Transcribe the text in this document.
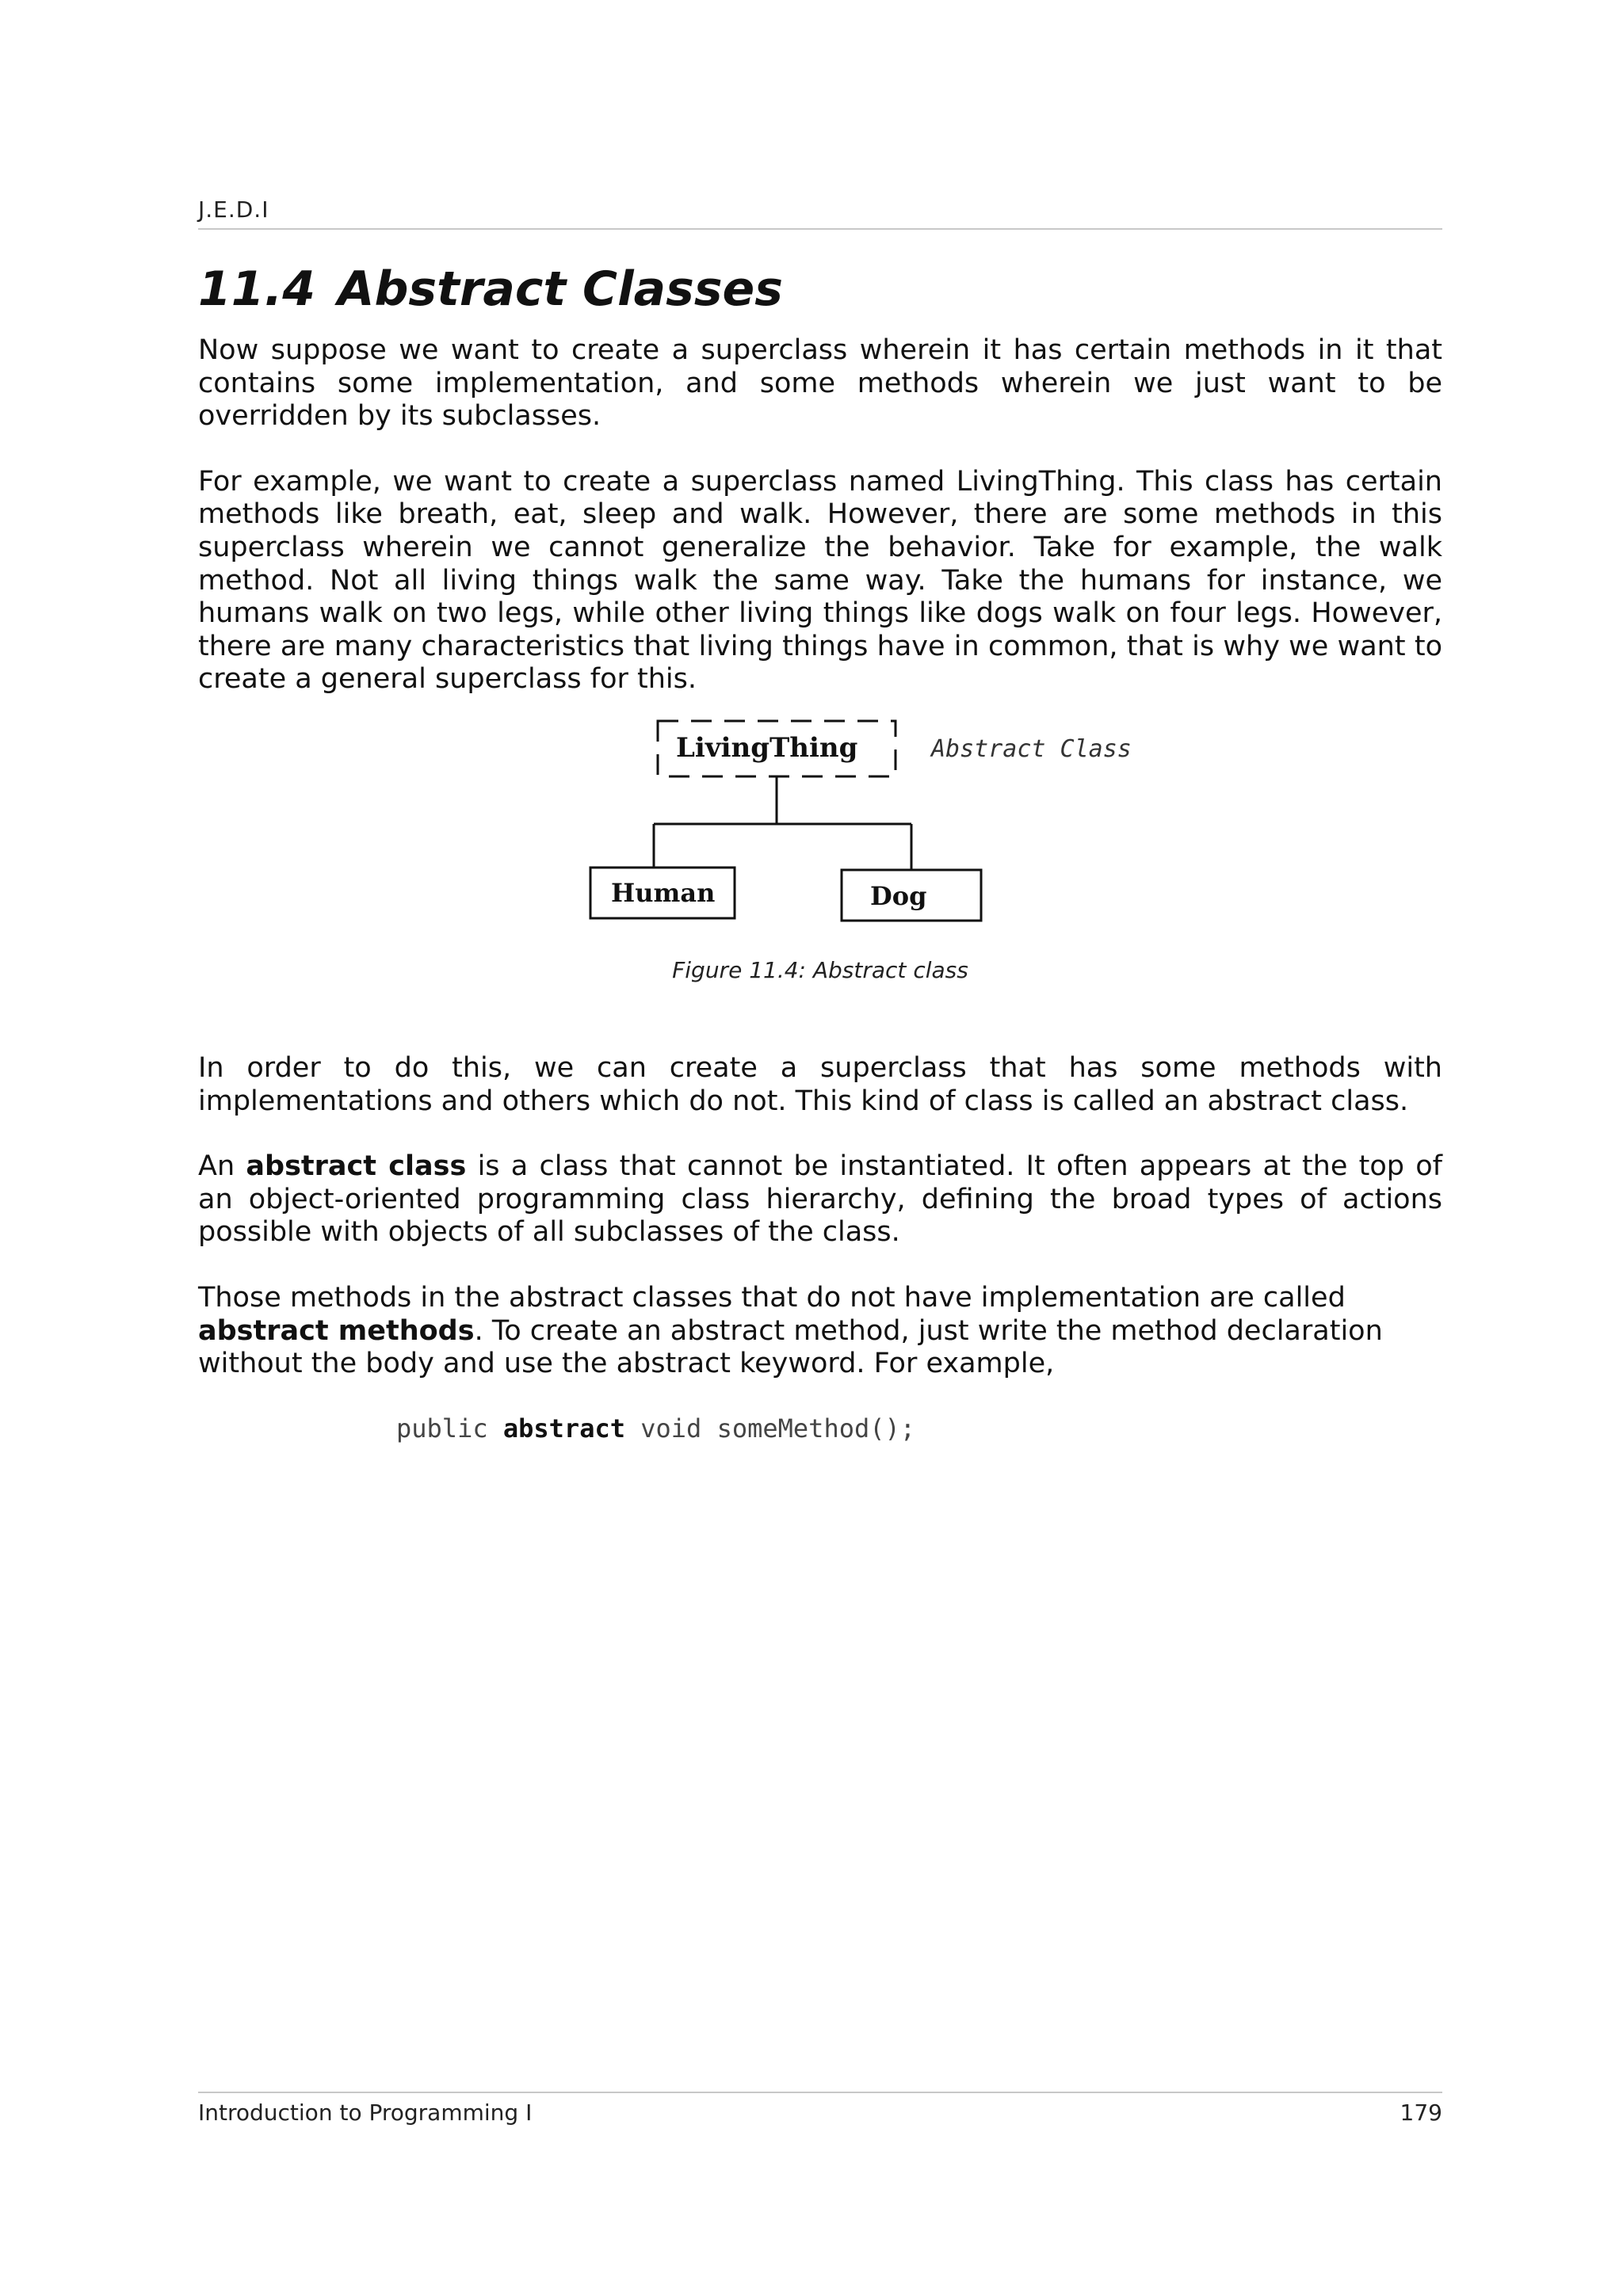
J.E.D.I
11.4 Abstract Classes

Now suppose we want to create a superclass wherein it has certain methods in it that contains some implementation, and some methods wherein we just want to be overridden by its subclasses.

For example, we want to create a superclass named LivingThing. This class has certain methods like breath, eat, sleep and walk. However, there are some methods in this superclass wherein we cannot generalize the behavior. Take for example, the walk method. Not all living things walk the same way. Take the humans for instance, we humans walk on two legs, while other living things like dogs walk on four legs. However, there are many characteristics that living things have in common, that is why we want to create a general superclass for this.

LivingThing	Abstract Class
Human	Dog
Figure 11.4: Abstract class

In order to do this, we can create a superclass that has some methods with implementations and others which do not. This kind of class is called an abstract class.

An abstract class is a class that cannot be instantiated. It often appears at the top of an object-oriented programming class hierarchy, defining the broad types of actions possible with objects of all subclasses of the class.

Those methods in the abstract classes that do not have implementation are called abstract methods. To create an abstract method, just write the method declaration without the body and use the abstract keyword. For example,

public abstract void someMethod();
Introduction to Programming I	179
